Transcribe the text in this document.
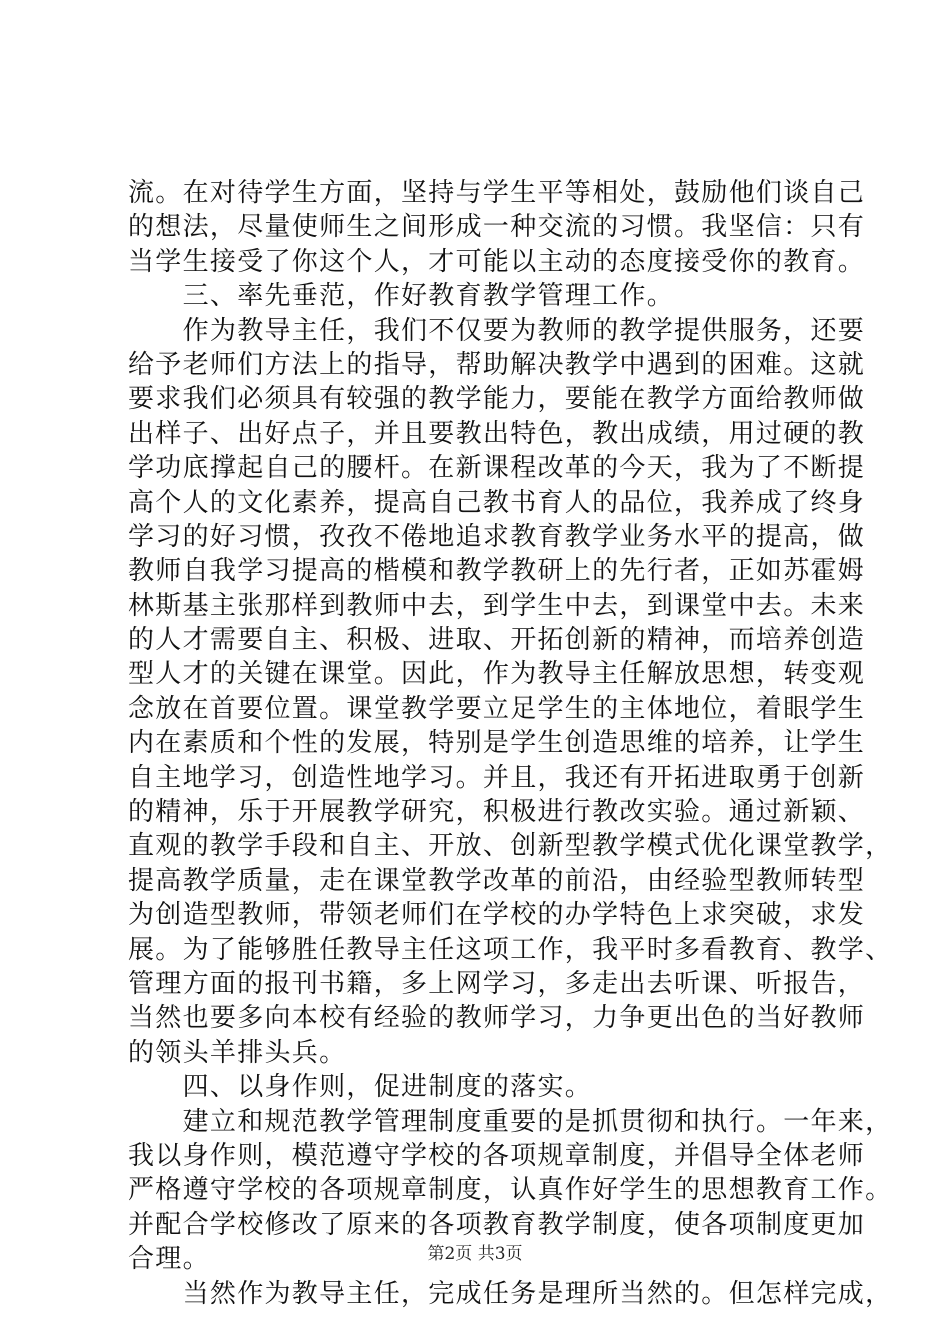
流。在对待学生方面，坚持与学生平等相处，鼓励他们谈自己
的想法，尽量使师生之间形成一种交流的习惯。我坚信：只有
当学生接受了你这个人，才可能以主动的态度接受你的教育。
　　三、率先垂范，作好教育教学管理工作。
　　作为教导主任，我们不仅要为教师的教学提供服务，还要
给予老师们方法上的指导，帮助解决教学中遇到的困难。这就
要求我们必须具有较强的教学能力，要能在教学方面给教师做
出样子、出好点子，并且要教出特色，教出成绩，用过硬的教
学功底撑起自己的腰杆。在新课程改革的今天，我为了不断提
高个人的文化素养，提高自己教书育人的品位，我养成了终身
学习的好习惯，孜孜不倦地追求教育教学业务水平的提高，做
教师自我学习提高的楷模和教学教研上的先行者，正如苏霍姆
林斯基主张那样到教师中去，到学生中去，到课堂中去。未来
的人才需要自主、积极、进取、开拓创新的精神，而培养创造
型人才的关键在课堂。因此，作为教导主任解放思想，转变观
念放在首要位置。课堂教学要立足学生的主体地位，着眼学生
内在素质和个性的发展，特别是学生创造思维的培养，让学生
自主地学习，创造性地学习。并且，我还有开拓进取勇于创新
的精神，乐于开展教学研究，积极进行教改实验。通过新颖、
直观的教学手段和自主、开放、创新型教学模式优化课堂教学，
提高教学质量，走在课堂教学改革的前沿，由经验型教师转型
为创造型教师，带领老师们在学校的办学特色上求突破，求发
展。为了能够胜任教导主任这项工作，我平时多看教育、教学、
管理方面的报刊书籍，多上网学习，多走出去听课、听报告，
当然也要多向本校有经验的教师学习，力争更出色的当好教师
的领头羊排头兵。
　　四、以身作则，促进制度的落实。
　　建立和规范教学管理制度重要的是抓贯彻和执行。一年来，
我以身作则，模范遵守学校的各项规章制度，并倡导全体老师
严格遵守学校的各项规章制度，认真作好学生的思想教育工作。
并配合学校修改了原来的各项教育教学制度，使各项制度更加
合理。
　　当然作为教导主任，完成任务是理所当然的。但怎样完成，
第2页 共3页
